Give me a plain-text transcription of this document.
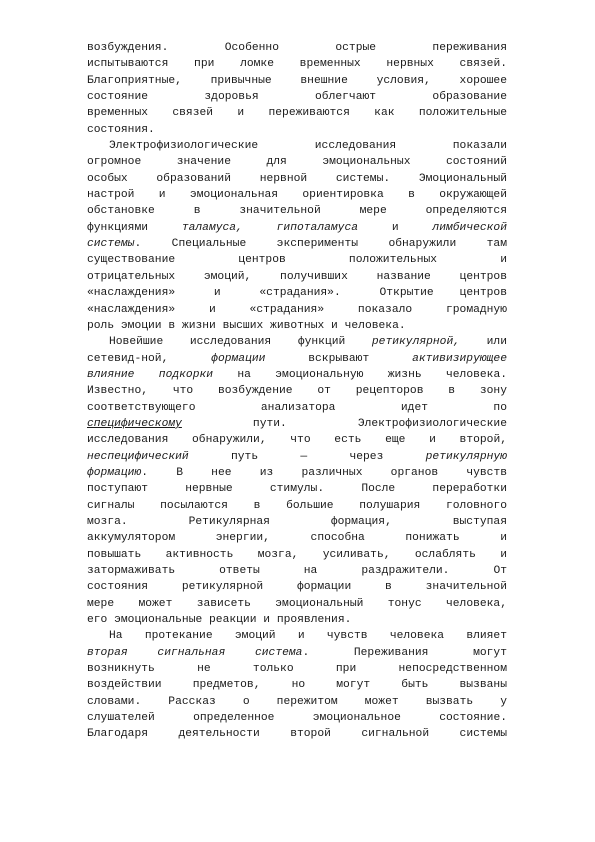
возбуждения.    Особенно    острые    переживания
испытываются при ломке временных нервных связей.
Благоприятные, привычные внешние условия, хорошее
состояние    здоровья    облегчают    образование
временных связей и переживаются как положительные
состояния.
Электрофизиологические    исследования    показали
огромное  значение  для  эмоциональных  состояний
особых образований нервной системы. Эмоциональный
настрой и эмоциональная ориентировка в окружающей
обстановке   в   значительной   мере   определяются
функциями таламуса,	гипоталамуса и лимбической
системы. Специальные эксперименты обнаружили там
существование      центров      положительных      и
отрицательных эмоций, получивших название центров
«наслаждения»   и   «страдания».   Открытие  центров
«наслаждения»  и  «страдания»  показало  громадную
роль эмоции в жизни высших животных и человека.
Новейшие исследования функций ретикулярной, или
сетевид-ной,  формации  вскрывают  активизирующее
влияние подкорки на эмоциональную жизнь человека.
Известно,  что  возбуждение  от  рецепторов  в  зону
соответствующего        анализатора        идет        по
специфическому     пути.     Электрофизиологические
исследования обнаружили, что есть еще и второй,
неспецифический    путь    —    через    ретикулярную
формацию.   В   нее   из   различных   органов   чувств
поступают   нервные   стимулы.   После   переработки
сигналы посылаются в большие полушария головного
мозга.      Ретикулярная      формация,      выступая
аккумулятором    энергии,    способна    понижать    и
повышать активность мозга, усиливать, ослаблять и
затормаживать     ответы     на     раздражители.     От
состояния  ретикулярной  формации  в  значительной
мере может зависеть эмоциональный тонус человека,
его эмоциональные реакции и проявления.
На  протекание  эмоций  и  чувств  человека  влияет
вторая  сигнальная  система.   Переживания   могут
возникнуть    не    только    при    непосредственном
воздействии   предметов,   но   могут   быть   вызваны
словами.  Рассказ  о  пережитом  может  вызвать  у
слушателей определенное эмоциональное состояние.
Благодаря деятельности второй сигнальной системы
